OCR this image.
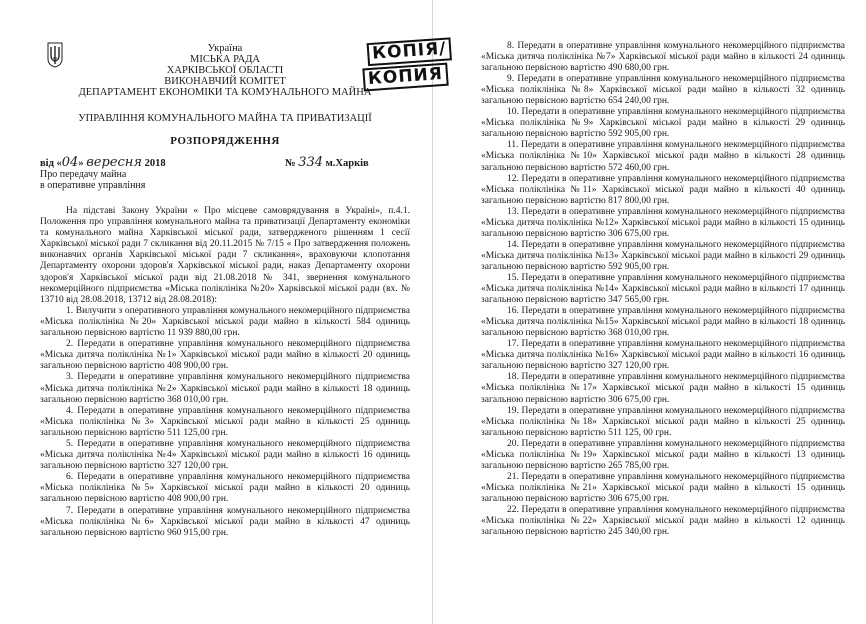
Україна
МІСЬКА РАДА
ХАРКІВСЬКОЇ ОБЛАСТІ
ВИКОНАВЧИЙ КОМІТЕТ
ДЕПАРТАМЕНТ ЕКОНОМІКИ ТА КОМУНАЛЬНОГО МАЙНА
УПРАВЛІННЯ КОМУНАЛЬНОГО МАЙНА ТА ПРИВАТИЗАЦІЇ
РОЗПОРЯДЖЕННЯ
від «04» вересня 2018	№ 334 м.Харків
Про передачу майна
в оперативне управління

На підставі Закону України « Про місцеве самоврядування в Україні», п.4.1. Положення про управління комунального майна та приватизації Департаменту економіки та комунального майна Харківської міської ради, затвердженого рішенням 1 сесії Харківської міської ради 7 скликання від 20.11.2015 № 7/15 « Про затвердження положень виконавчих органів Харківської міської ради 7 скликання», враховуючи клопотання Департаменту охорони здоров'я Харківської міської ради, наказ Департаменту охорони здоров'я Харківської міської ради від 21.08.2018 № 341, звернення комунального некомерційного підприємства «Міська поліклініка №20» Харківської міської ради (вх. № 13710 від 28.08.2018, 13712 від 28.08.2018):

1. Вилучити з оперативного управління комунального некомерційного підприємства «Міська поліклініка №20» Харківської міської ради майно в кількості 584 одиниць загальною первісною вартістю 11 939 880,00 грн.

2. Передати в оперативне управління комунального некомерційного підприємства «Міська дитяча поліклініка №1» Харківської міської ради майно в кількості 20 одиниць загальною первісною вартістю 408 900,00 грн.

3. Передати в оперативне управління комунального некомерційного підприємства «Міська дитяча поліклініка №2» Харківської міської ради майно в кількості 18 одиниць загальною первісною вартістю 368 010,00 грн.

4. Передати в оперативне управління комунального некомерційного підприємства «Міська поліклініка №3» Харківської міської ради майно в кількості 25 одиниць загальною первісною вартістю 511 125,00 грн.

5. Передати в оперативне управління комунального некомерційного підприємства «Міська дитяча поліклініка №4» Харківської міської ради майно в кількості 16 одиниць загальною первісною вартістю 327 120,00 грн.

6. Передати в оперативне управління комунального некомерційного підприємства «Міська поліклініка №5» Харківської міської ради майно в кількості 20 одиниць загальною первісною вартістю 408 900,00 грн.

7. Передати в оперативне управління комунального некомерційного підприємства «Міська поліклініка №6» Харківської міської ради майно в кількості 47 одиниць загальною первісною вартістю 960 915,00 грн.

КОПІЯ/
КОПИЯ

8. Передати в оперативне управління комунального некомерційного підприємства «Міська дитяча поліклініка №7» Харківської міської ради майно в кількості 24 одиниць загальною первісною вартістю 490 680,00 грн.

9. Передати в оперативне управління комунального некомерційного підприємства «Міська поліклініка №8» Харківської міської ради майно в кількості 32 одиниць загальною первісною вартістю 654 240,00 грн.

10. Передати в оперативне управління комунального некомерційного підприємства «Міська поліклініка №9» Харківської міської ради майно в кількості 29 одиниць загальною первісною вартістю 592 905,00 грн.

11. Передати в оперативне управління комунального некомерційного підприємства «Міська поліклініка №10» Харківської міської ради майно в кількості 28 одиниць загальною первісною вартістю 572 460,00 грн.

12. Передати в оперативне управління комунального некомерційного підприємства «Міська поліклініка №11» Харківської міської ради майно в кількості 40 одиниць загальною первісною вартістю 817 800,00 грн.

13. Передати в оперативне управління комунального некомерційного підприємства «Міська дитяча поліклініка №12» Харківської міської ради майно в кількості 15 одиниць загальною первісною вартістю 306 675,00 грн.

14. Передати в оперативне управління комунального некомерційного підприємства «Міська дитяча поліклініка №13» Харківської міської ради майно в кількості 29 одиниць загальною первісною вартістю 592 905,00 грн.

15. Передати в оперативне управління комунального некомерційного підприємства «Міська дитяча поліклініка №14» Харківської міської ради майно в кількості 17 одиниць загальною первісною вартістю 347 565,00 грн.

16. Передати в оперативне управління комунального некомерційного підприємства «Міська дитяча поліклініка №15» Харківської міської ради майно в кількості 18 одиниць загальною первісною вартістю 368 010,00 грн.

17. Передати в оперативне управління комунального некомерційного підприємства «Міська дитяча поліклініка №16» Харківської міської ради майно в кількості 16 одиниць загальною первісною вартістю 327 120,00 грн.

18. Передати в оперативне управління комунального некомерційного підприємства «Міська поліклініка №17» Харківської міської ради майно в кількості 15 одиниць загальною первісною вартістю 306 675,00 грн.

19. Передати в оперативне управління комунального некомерційного підприємства «Міська поліклініка №18» Харківської міської ради майно в кількості 25 одиниць загальною первісною вартістю 511 125, 00 грн.

20. Передати в оперативне управління комунального некомерційного підприємства «Міська поліклініка №19» Харківської міської ради майно в кількості 13 одиниць загальною первісною вартістю 265 785,00 грн.

21. Передати в оперативне управління комунального некомерційного підприємства «Міська поліклініка №21» Харківської міської ради майно в кількості 15 одиниць загальною первісною вартістю 306 675,00 грн.

22. Передати в оперативне управління комунального некомерційного підприємства «Міська поліклініка №22» Харківської міської ради майно в кількості 12 одиниць загальною первісною вартістю 245 340,00 грн.
